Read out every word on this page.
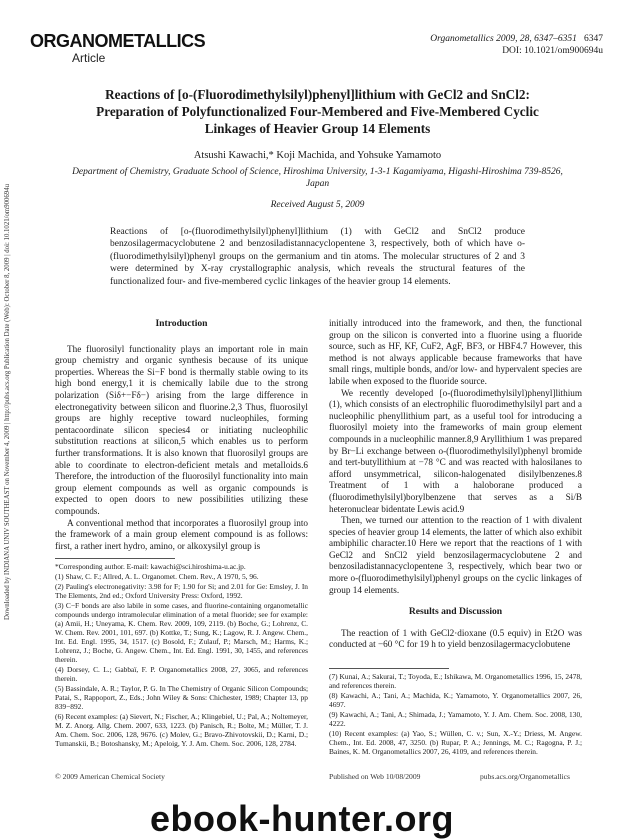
ORGANOMETALLICS
Article
Organometallics 2009, 28, 6347–6351 6347
DOI: 10.1021/om900694u
Reactions of [o-(Fluorodimethylsilyl)phenyl]lithium with GeCl2 and SnCl2: Preparation of Polyfunctionalized Four-Membered and Five-Membered Cyclic Linkages of Heavier Group 14 Elements
Atsushi Kawachi,* Koji Machida, and Yohsuke Yamamoto
Department of Chemistry, Graduate School of Science, Hiroshima University, 1-3-1 Kagamiyama, Higashi-Hiroshima 739-8526, Japan
Received August 5, 2009
Reactions of [o-(fluorodimethylsilyl)phenyl]lithium (1) with GeCl2 and SnCl2 produce benzosilagermacyclobutene 2 and benzosiladistannacyclopentene 3, respectively, both of which have o-(fluorodimethylsilyl)phenyl groups on the germanium and tin atoms. The molecular structures of 2 and 3 were determined by X-ray crystallographic analysis, which reveals the structural features of the functionalized four- and five-membered cyclic linkages of the heavier group 14 elements.
Downloaded by INDIANA UNIV SOUTHEAST on November 4, 2009 | http://pubs.acs.org Publication Date (Web): October 8, 2009 | doi: 10.1021/om900694u	Introduction

The fluorosilyl functionality plays an important role in main group chemistry and organic synthesis because of its unique properties. Whereas the Si−F bond is thermally stable owing to its high bond energy,1 it is chemically labile due to the strong polarization (Siδ+−Fδ−) arising from the large difference in electronegativity between silicon and fluorine.2,3 Thus, fluorosilyl groups are highly receptive toward nucleophiles, forming pentacoordinate silicon species4 or initiating nucleophilic substitution reactions at silicon,5 which enables us to perform further transformations. It is also known that fluorosilyl groups are able to coordinate to electron-deficient metals and metalloids.6 Therefore, the introduction of the fluorosilyl functionality into main group element compounds as well as organic compounds is expected to open doors to new possibilities utilizing these compounds.

A conventional method that incorporates a fluorosilyl group into the framework of a main group element compound is as follows: first, a rather inert hydro, amino, or alkoxysilyl group is

*Corresponding author. E-mail: kawachi@sci.hiroshima-u.ac.jp.
(1) Shaw, C. F.; Allred, A. L. Organomet. Chem. Rev., A 1970, 5, 96.
(2) Pauling's electronegativity: 3.98 for F; 1.90 for Si; and 2.01 for Ge: Emsley, J. In The Elements, 2nd ed.; Oxford University Press: Oxford, 1992.
(3) C−F bonds are also labile in some cases, and fluorine-containing organometallic compounds undergo intramolecular elimination of a metal fluoride; see for example: (a) Amii, H.; Uneyama, K. Chem. Rev. 2009, 109, 2119. (b) Boche, G.; Lohrenz, C. W. Chem. Rev. 2001, 101, 697. (b) Kottke, T.; Sung, K.; Lagow, R. J. Angew. Chem., Int. Ed. Engl. 1995, 34, 1517. (c) Bosold, F.; Zulauf, P.; Marsch, M.; Harms, K.; Lohrenz, J.; Boche, G. Angew. Chem., Int. Ed. Engl. 1991, 30, 1455, and references therein.
(4) Dorsey, C. L.; Gabbaï, F. P. Organometallics 2008, 27, 3065, and references therein.
(5) Bassindale, A. R.; Taylor, P. G. In The Chemistry of Organic Silicon Compounds; Patai, S., Rappoport, Z., Eds.; John Wiley & Sons: Chichester, 1989; Chapter 13, pp 839−892.
(6) Recent examples: (a) Sievert, N.; Fischer, A.; Klingebiel, U.; Pal, A.; Noltemeyer, M. Z. Anorg. Allg. Chem. 2007, 633, 1223. (b) Panisch, R.; Bolte, M.; Müller, T. J. Am. Chem. Soc. 2006, 128, 9676. (c) Molev, G.; Bravo-Zhivotovskii, D.; Karni, D.; Tumanskii, B.; Botoshansky, M.; Apeloig, Y. J. Am. Chem. Soc. 2006, 128, 2784.

initially introduced into the framework, and then, the functional group on the silicon is converted into a fluorine using a fluoride source, such as HF, KF, CuF2, AgF, BF3, or HBF4.7 However, this method is not always applicable because frameworks that have small rings, multiple bonds, and/or low- and hypervalent species are labile when exposed to the fluoride source.

We recently developed [o-(fluorodimethylsilyl)phenyl]lithium (1), which consists of an electrophilic fluorodimethylsilyl part and a nucleophilic phenyllithium part, as a useful tool for introducing a fluorosilyl moiety into the frameworks of main group element compounds in a nucleophilic manner.8,9 Aryllithium 1 was prepared by Br−Li exchange between o-(fluorodimethylsilyl)phenyl bromide and tert-butyllithium at −78 °C and was reacted with halosilanes to afford unsymmetrical, silicon-halogenated disilylbenzenes.8 Treatment of 1 with a haloborane produced a (fluorodimethylsilyl)borylbenzene that serves as a Si/B heteronuclear bidentate Lewis acid.9

Then, we turned our attention to the reaction of 1 with divalent species of heavier group 14 elements, the latter of which also exhibit ambiphilic character.10 Here we report that the reactions of 1 with GeCl2 and SnCl2 yield benzosilagermacyclobutene 2 and benzosiladistannacyclopentene 3, respectively, which bear two or more o-(fluorodimethylsilyl)phenyl groups on the cyclic linkages of group 14 elements.

Results and Discussion

The reaction of 1 with GeCl2·dioxane (0.5 equiv) in Et2O was conducted at −60 °C for 19 h to yield benzosilagermacyclobutene

(7) Kunai, A.; Sakurai, T.; Toyoda, E.; Ishikawa, M. Organometallics 1996, 15, 2478, and references therein.
(8) Kawachi, A.; Tani, A.; Machida, K.; Yamamoto, Y. Organometallics 2007, 26, 4697.
(9) Kawachi, A.; Tani, A.; Shimada, J.; Yamamoto, Y. J. Am. Chem. Soc. 2008, 130, 4222.
(10) Recent examples: (a) Yao, S.; Wüllen, C. v.; Sun, X.-Y.; Driess, M. Angew. Chem., Int. Ed. 2008, 47, 3250. (b) Rupar, P. A.; Jennings, M. C.; Ragogna, P. J.; Baines, K. M. Organometallics 2007, 26, 4109, and references therein.
© 2009 American Chemical Society	Published on Web 10/08/2009	pubs.acs.org/Organometallics
ebook-hunter.org
